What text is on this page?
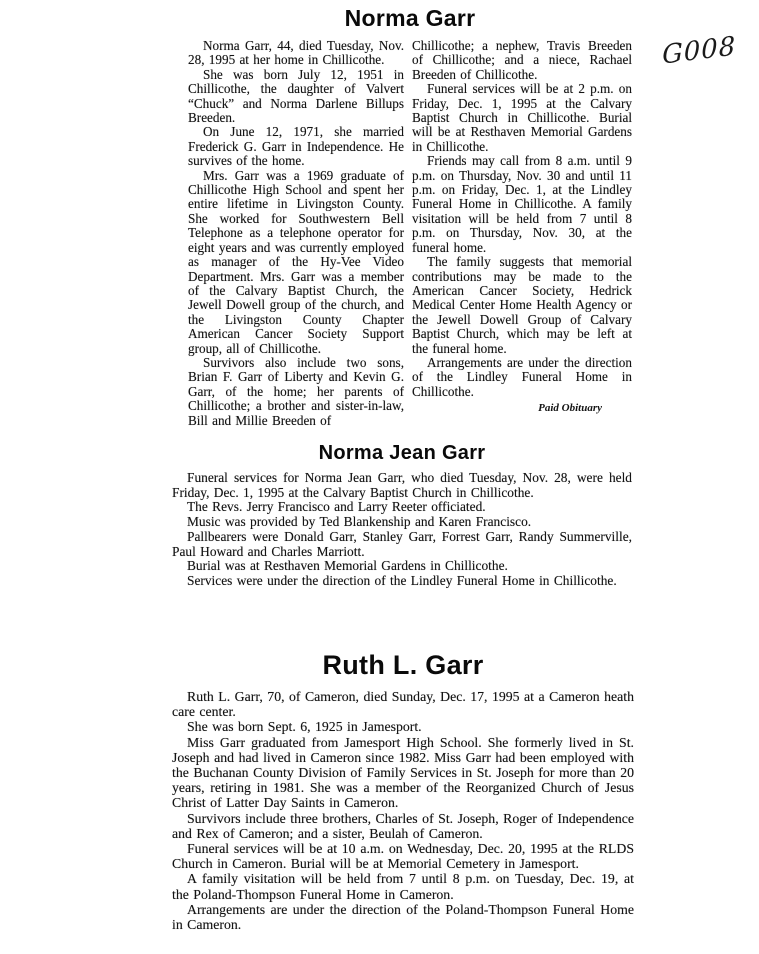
G008
Norma Garr

Norma Garr, 44, died Tuesday, Nov. 28, 1995 at her home in Chillicothe.

She was born July 12, 1951 in Chillicothe, the daughter of Valvert “Chuck” and Norma Darlene Billups Breeden.

On June 12, 1971, she married Frederick G. Garr in Independence. He survives of the home.

Mrs. Garr was a 1969 graduate of Chillicothe High School and spent her entire lifetime in Livingston County. She worked for Southwestern Bell Telephone as a telephone operator for eight years and was currently employed as manager of the Hy-Vee Video Department. Mrs. Garr was a member of the Calvary Baptist Church, the Jewell Dowell group of the church, and the Livingston County Chapter American Cancer Society Support group, all of Chillicothe.

Survivors also include two sons, Brian F. Garr of Liberty and Kevin G. Garr, of the home; her parents of Chillicothe; a brother and sister-in-law, Bill and Millie Breeden of

Chillicothe; a nephew, Travis Breeden of Chillicothe; and a niece, Rachael Breeden of Chillicothe.

Funeral services will be at 2 p.m. on Friday, Dec. 1, 1995 at the Calvary Baptist Church in Chillicothe. Burial will be at Resthaven Memorial Gardens in Chillicothe.

Friends may call from 8 a.m. until 9 p.m. on Thursday, Nov. 30 and until 11 p.m. on Friday, Dec. 1, at the Lindley Funeral Home in Chillicothe. A family visitation will be held from 7 until 8 p.m. on Thursday, Nov. 30, at the funeral home.

The family suggests that memorial contributions may be made to the American Cancer Society, Hedrick Medical Center Home Health Agency or the Jewell Dowell Group of Calvary Baptist Church, which may be left at the funeral home.

Arrangements are under the direction of the Lindley Funeral Home in Chillicothe.

Paid Obituary
Norma Jean Garr

Funeral services for Norma Jean Garr, who died Tuesday, Nov. 28, were held Friday, Dec. 1, 1995 at the Calvary Baptist Church in Chillicothe.

The Revs. Jerry Francisco and Larry Reeter officiated.

Music was provided by Ted Blankenship and Karen Francisco.

Pallbearers were Donald Garr, Stanley Garr, Forrest Garr, Randy Summerville, Paul Howard and Charles Marriott.

Burial was at Resthaven Memorial Gardens in Chillicothe.

Services were under the direction of the Lindley Funeral Home in Chillicothe.

Ruth L. Garr

Ruth L. Garr, 70, of Cameron, died Sunday, Dec. 17, 1995 at a Cameron heath care center.

She was born Sept. 6, 1925 in Jamesport.

Miss Garr graduated from Jamesport High School. She formerly lived in St. Joseph and had lived in Cameron since 1982. Miss Garr had been employed with the Buchanan County Division of Family Services in St. Joseph for more than 20 years, retiring in 1981. She was a member of the Reorganized Church of Jesus Christ of Latter Day Saints in Cameron.

Survivors include three brothers, Charles of St. Joseph, Roger of Independence and Rex of Cameron; and a sister, Beulah of Cameron.

Funeral services will be at 10 a.m. on Wednesday, Dec. 20, 1995 at the RLDS Church in Cameron. Burial will be at Memorial Cemetery in Jamesport.

A family visitation will be held from 7 until 8 p.m. on Tuesday, Dec. 19, at the Poland-Thompson Funeral Home in Cameron.

Arrangements are under the direction of the Poland-Thompson Funeral Home in Cameron.
